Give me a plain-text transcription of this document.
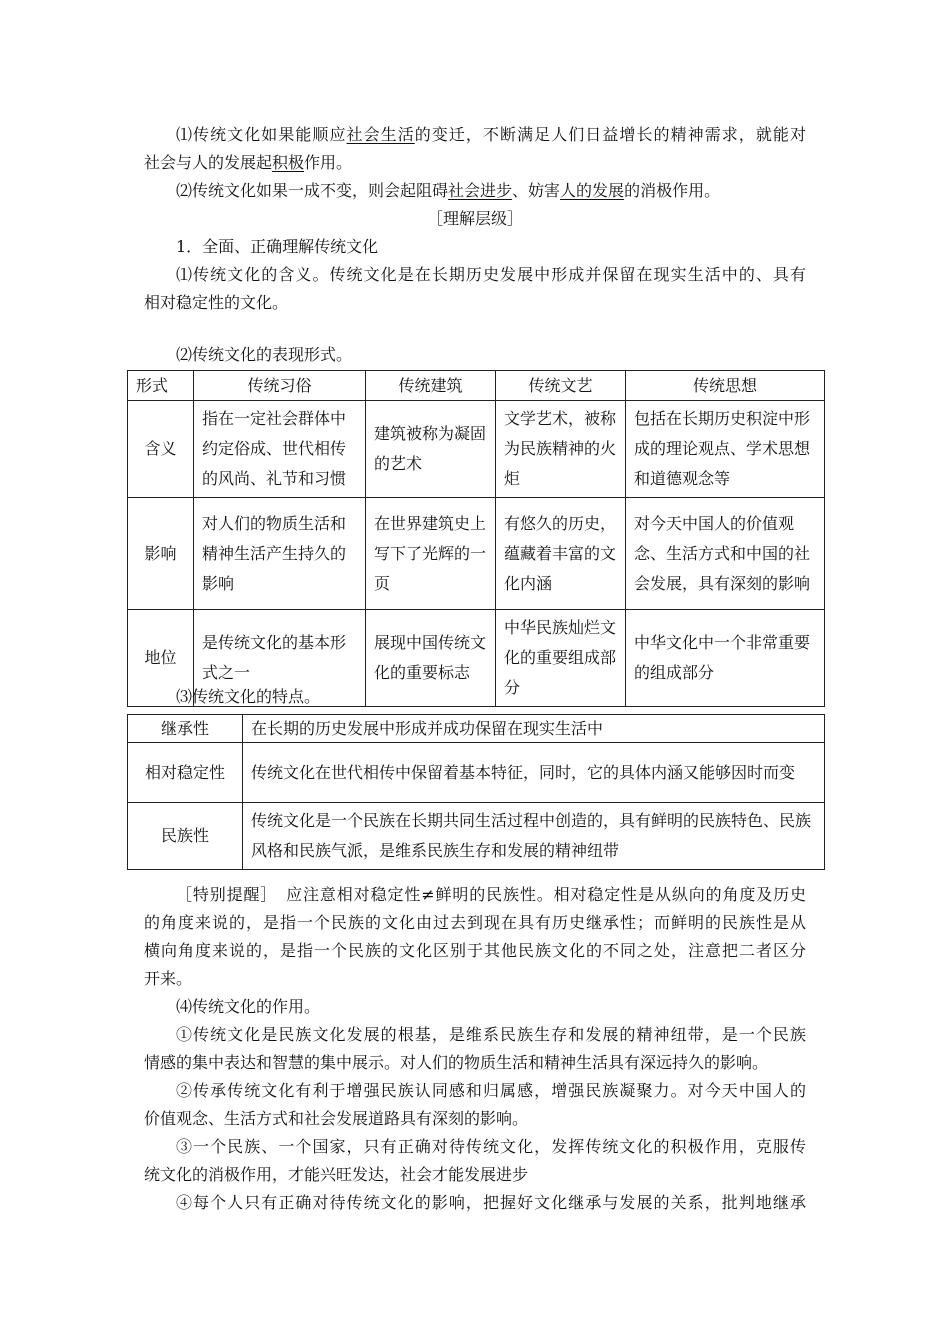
⑴传统文化如果能顺应社会生活的变迁，不断满足人们日益增长的精神需求，就能对
社会与人的发展起积极作用。
⑵传统文化如果一成不变，则会起阻碍社会进步、妨害人的发展的消极作用。
［理解层级］
1．全面、正确理解传统文化
⑴传统文化的含义。传统文化是在长期历史发展中形成并保留在现实生活中的、具有
相对稳定性的文化。
⑵传统文化的表现形式。
形式	传统习俗	传统建筑	传统文艺	传统思想
含义	指在一定社会群体中约定俗成、世代相传的风尚、礼节和习惯	建筑被称为凝固的艺术	文学艺术，被称为民族精神的火炬	包括在长期历史积淀中形成的理论观点、学术思想和道德观念等
影响	对人们的物质生活和精神生活产生持久的影响	在世界建筑史上写下了光辉的一页	有悠久的历史，蕴藏着丰富的文化内涵	对今天中国人的价值观念、生活方式和中国的社会发展，具有深刻的影响
地位	是传统文化的基本形式之一	展现中国传统文化的重要标志	中华民族灿烂文化的重要组成部分	中华文化中一个非常重要的组成部分
⑶传统文化的特点。
继承性	在长期的历史发展中形成并成功保留在现实生活中
相对稳定性	传统文化在世代相传中保留着基本特征，同时，它的具体内涵又能够因时而变
民族性	传统文化是一个民族在长期共同生活过程中创造的，具有鲜明的民族特色、民族风格和民族气派，是维系民族生存和发展的精神纽带
［特别提醒］　应注意相对稳定性≠鲜明的民族性。相对稳定性是从纵向的角度及历史
的角度来说的，是指一个民族的文化由过去到现在具有历史继承性；而鲜明的民族性是从
横向角度来说的，是指一个民族的文化区别于其他民族文化的不同之处，注意把二者区分
开来。
⑷传统文化的作用。
①传统文化是民族文化发展的根基，是维系民族生存和发展的精神纽带，是一个民族
情感的集中表达和智慧的集中展示。对人们的物质生活和精神生活具有深远持久的影响。
②传承传统文化有利于增强民族认同感和归属感，增强民族凝聚力。对今天中国人的
价值观念、生活方式和社会发展道路具有深刻的影响。
③一个民族、一个国家，只有正确对待传统文化，发挥传统文化的积极作用，克服传
统文化的消极作用，才能兴旺发达，社会才能发展进步
④每个人只有正确对待传统文化的影响，把握好文化继承与发展的关系，批判地继承
